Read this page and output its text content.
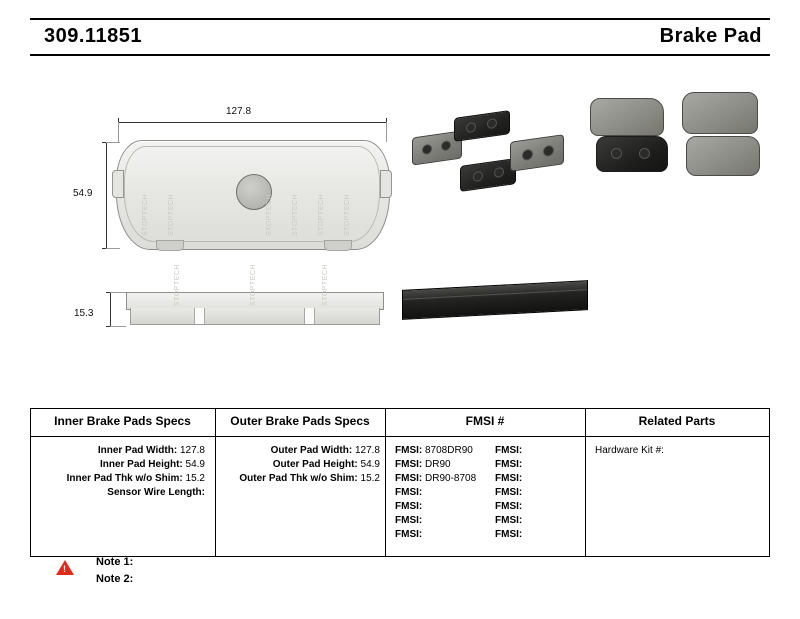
309.11851	Brake Pad
127.8
54.9
STOPTECH	STOPTECH	STOPTECH	STOPTECH	STOPTECH
STOPTECH
15.3
STOPTECH	STOPTECH	STOPTECH
Inner Brake Pads Specs	Outer Brake Pads Specs	FMSI #	Related Parts
Inner Pad Width: 127.8
Inner Pad Height: 54.9
Inner Pad Thk w/o Shim: 15.2
Sensor Wire Length:
Outer Pad Width: 127.8
Outer Pad Height: 54.9
Outer Pad Thk w/o Shim: 15.2
FMSI: 8708DR90	FMSI:
FMSI: DR90	FMSI:
FMSI: DR90-8708	FMSI:
FMSI:	FMSI:
FMSI:	FMSI:
FMSI:	FMSI:
FMSI:	FMSI:
Hardware Kit #:
!
Note 1:
Note 2:
